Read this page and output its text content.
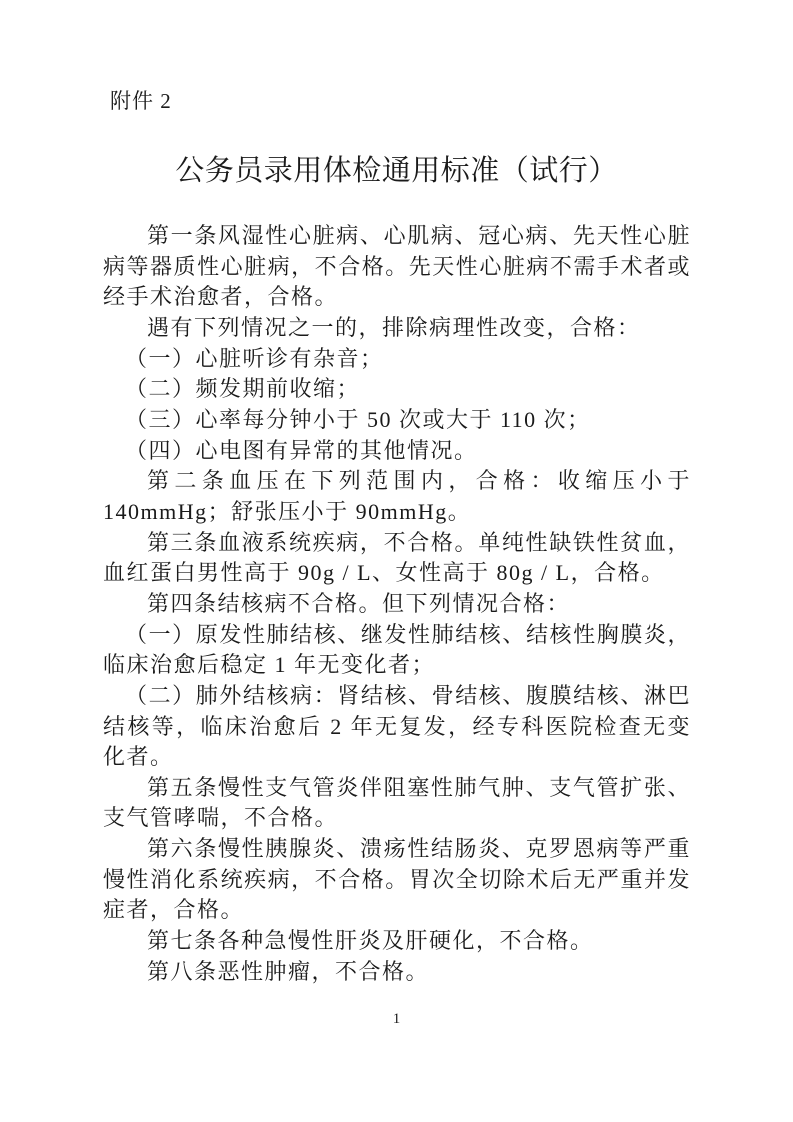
附件 2
公务员录用体检通用标准（试行）

第一条风湿性心脏病、心肌病、冠心病、先天性心脏病等器质性心脏病，不合格。先天性心脏病不需手术者或经手术治愈者，合格。

遇有下列情况之一的，排除病理性改变，合格：

（一）心脏听诊有杂音；

（二）频发期前收缩；

（三）心率每分钟小于 50 次或大于 110 次；

（四）心电图有异常的其他情况。

第二条血压在下列范围内，合格：收缩压小于 140mmHg；舒张压小于 90mmHg。

第三条血液系统疾病，不合格。单纯性缺铁性贫血，血红蛋白男性高于 90g / L、女性高于 80g / L，合格。

第四条结核病不合格。但下列情况合格：

（一）原发性肺结核、继发性肺结核、结核性胸膜炎，临床治愈后稳定 1 年无变化者；

（二）肺外结核病：肾结核、骨结核、腹膜结核、淋巴结核等，临床治愈后 2 年无复发，经专科医院检查无变化者。

第五条慢性支气管炎伴阻塞性肺气肿、支气管扩张、支气管哮喘，不合格。

第六条慢性胰腺炎、溃疡性结肠炎、克罗恩病等严重慢性消化系统疾病，不合格。胃次全切除术后无严重并发症者，合格。

第七条各种急慢性肝炎及肝硬化，不合格。

第八条恶性肿瘤，不合格。

1
